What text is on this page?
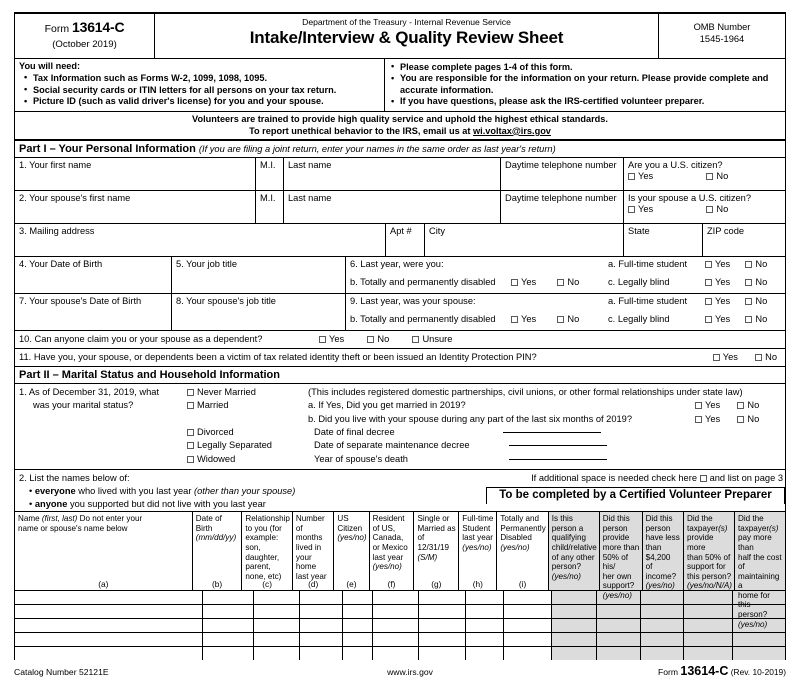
Form 13614-C
(October 2019)
Department of the Treasury - Internal Revenue Service
Intake/Interview & Quality Review Sheet
OMB Number
1545-1964
You will need:
• Tax Information such as Forms W-2, 1099, 1098, 1095.
• Social security cards or ITIN letters for all persons on your tax return.
• Picture ID (such as valid driver's license) for you and your spouse.
• Please complete pages 1-4 of this form.
• You are responsible for the information on your return. Please provide complete and accurate information.
• If you have questions, please ask the IRS-certified volunteer preparer.
Volunteers are trained to provide high quality service and uphold the highest ethical standards.
To report unethical behavior to the IRS, email us at wi.voltax@irs.gov
Part I – Your Personal Information (If you are filing a joint return, enter your names in the same order as last year's return)
1. Your first name	M.I.	Last name	Daytime telephone number	Are you a U.S. citizen?
Yes	No
2. Your spouse's first name	M.I.	Last name	Daytime telephone number	Is your spouse a U.S. citizen?
Yes	No
3. Mailing address	Apt #	City	State	ZIP code
4. Your Date of Birth	5. Your job title	6. Last year, were you:	a. Full-time student	Yes	No
b. Totally and permanently disabled	Yes	No	c. Legally blind	Yes	No
7. Your spouse's Date of Birth	8. Your spouse's job title	9. Last year, was your spouse:	a. Full-time student	Yes	No
b. Totally and permanently disabled	Yes	No	c. Legally blind	Yes	No
10. Can anyone claim you or your spouse as a dependent?	Yes	No	Unsure
11. Have you, your spouse, or dependents been a victim of tax related identity theft or been issued an Identity Protection PIN?	Yes	No
Part II – Marital Status and Household Information
1. As of December 31, 2019, what
was your marital status?
Never Married	(This includes registered domestic partnerships, civil unions, or other formal relationships under state law)
Married	a. If Yes, Did you get married in 2019?	Yes	No
b. Did you live with your spouse during any part of the last six months of 2019?	Yes	No
Divorced	Date of final decree
Legally Separated	Date of separate maintenance decree
Widowed	Year of spouse's death
2. List the names below of:
• everyone who lived with you last year (other than your spouse)
• anyone you supported but did not live with you last year
If additional space is needed check here and list on page 3
To be completed by a Certified Volunteer Preparer
Name (first, last) Do not enter your
name or spouse's name below
(a)
Date of Birth
(mm/dd/yy)
(b)
Relationship
to you (for
example:
son,
daughter,
parent,
none, etc)
(c)
Number of
months
lived in
your home
last year
(d)
US
Citizen
(yes/no)
(e)
Resident
of US,
Canada,
or Mexico
last year
(yes/no)
(f)
Single or
Married as
of 12/31/19
(S/M)
(g)
Full-time
Student
last year
(yes/no)
(h)
Totally and
Permanently
Disabled
(yes/no)
(i)
Is this
person a
qualifying
child/relative
of any other
person?
(yes/no)
Did this
person
provide
more than
50% of his/
her own
support?
(yes/no)
Did this
person
have less
than $4,200
of income?
(yes/no)
Did the
taxpayer(s)
provide more
than 50% of
support for
this person?
(yes/no/N/A)
Did the
taxpayer(s)
pay more than
half the cost of
maintaining a
home for this
person?
(yes/no)
Catalog Number 52121E	www.irs.gov	Form 13614-C (Rev. 10-2019)
